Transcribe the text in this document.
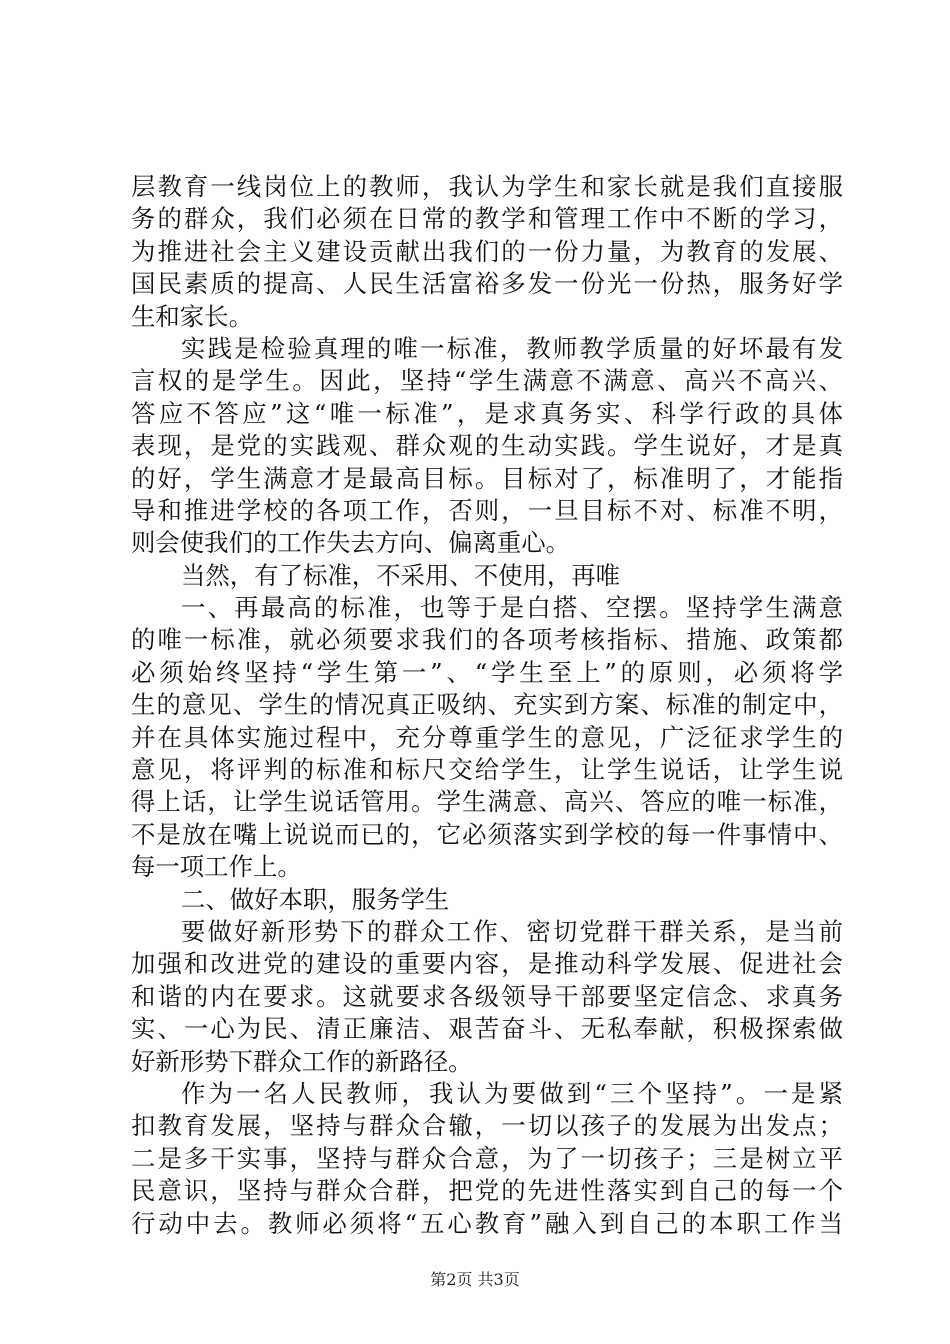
层教育一线岗位上的教师，我认为学生和家长就是我们直接服
务的群众，我们必须在日常的教学和管理工作中不断的学习，
为推进社会主义建设贡献出我们的一份力量，为教育的发展、
国民素质的提高、人民生活富裕多发一份光一份热，服务好学
生和家长。
实践是检验真理的唯一标准，教师教学质量的好坏最有发
言权的是学生。因此，坚持“学生满意不满意、高兴不高兴、
答应不答应”这“唯一标准”，是求真务实、科学行政的具体
表现，是党的实践观、群众观的生动实践。学生说好，才是真
的好，学生满意才是最高目标。目标对了，标准明了，才能指
导和推进学校的各项工作，否则，一旦目标不对、标准不明，
则会使我们的工作失去方向、偏离重心。
当然，有了标准，不采用、不使用，再唯
一、再最高的标准，也等于是白搭、空摆。坚持学生满意
的唯一标准，就必须要求我们的各项考核指标、措施、政策都
必须始终坚持“学生第一”、“学生至上”的原则，必须将学
生的意见、学生的情况真正吸纳、充实到方案、标准的制定中，
并在具体实施过程中，充分尊重学生的意见，广泛征求学生的
意见，将评判的标准和标尺交给学生，让学生说话，让学生说
得上话，让学生说话管用。学生满意、高兴、答应的唯一标准，
不是放在嘴上说说而已的，它必须落实到学校的每一件事情中、
每一项工作上。
二、做好本职，服务学生
要做好新形势下的群众工作、密切党群干群关系，是当前
加强和改进党的建设的重要内容，是推动科学发展、促进社会
和谐的内在要求。这就要求各级领导干部要坚定信念、求真务
实、一心为民、清正廉洁、艰苦奋斗、无私奉献，积极探索做
好新形势下群众工作的新路径。
作为一名人民教师，我认为要做到“三个坚持”。一是紧
扣教育发展，坚持与群众合辙，一切以孩子的发展为出发点；
二是多干实事，坚持与群众合意，为了一切孩子；三是树立平
民意识，坚持与群众合群，把党的先进性落实到自己的每一个
行动中去。教师必须将“五心教育”融入到自己的本职工作当
第2页 共3页
